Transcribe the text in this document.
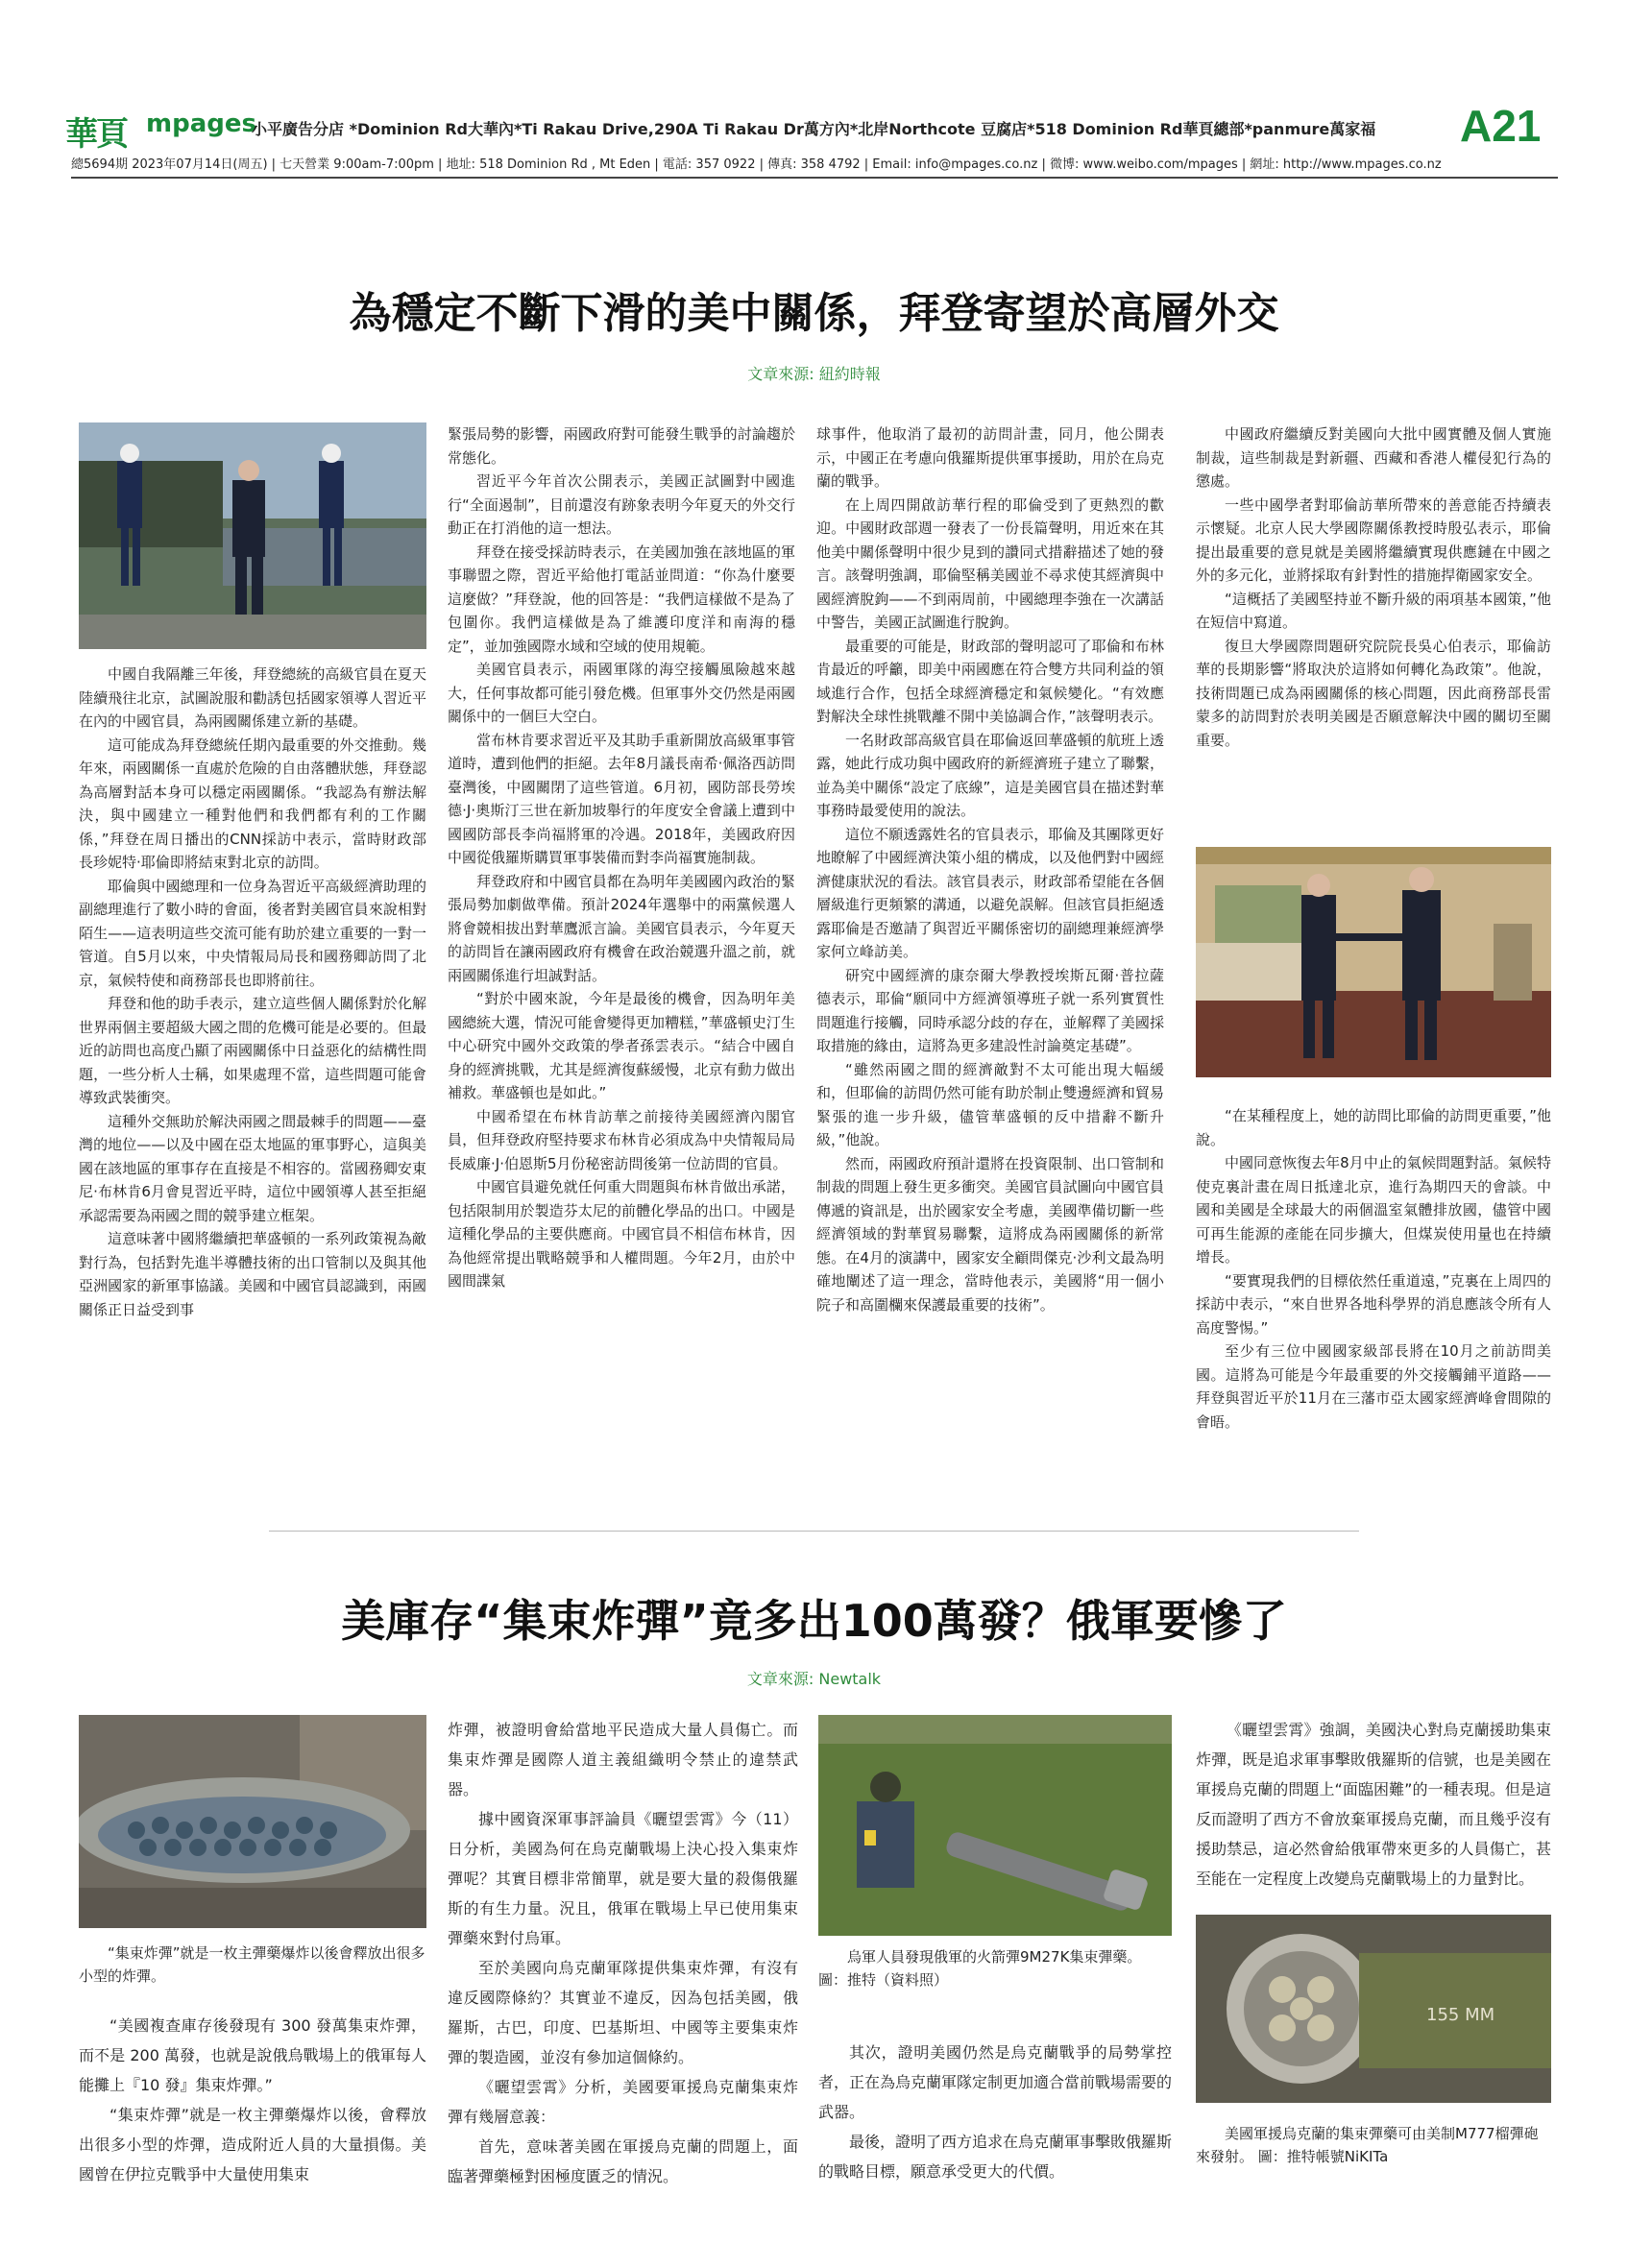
華頁 mpages
小平廣告分店 *Dominion Rd大華內*Ti Rakau Drive,290A Ti Rakau Dr萬方內*北岸Northcote 豆腐店*518 Dominion Rd華頁總部*panmure萬家福 A21
總5694期 2023年07月14日(周五) | 七天營業 9:00am-7:00pm | 地址: 518 Dominion Rd , Mt Eden | 電話: 357 0922 | 傳真: 358 4792 | Email: info@mpages.co.nz | 微博: www.weibo.com/mpages | 網址: http://www.mpages.co.nz
為穩定不斷下滑的美中關係，拜登寄望於高層外交
文章來源: 紐約時報

中國自我隔離三年後，拜登總統的高級官員在夏天陸續飛往北京，試圖說服和勸誘包括國家領導人習近平在內的中國官員，為兩國關係建立新的基礎。

這可能成為拜登總統任期內最重要的外交推動。幾年來，兩國關係一直處於危險的自由落體狀態，拜登認為高層對話本身可以穩定兩國關係。“我認為有辦法解決，與中國建立一種對他們和我們都有利的工作關係，”拜登在周日播出的CNN採訪中表示，當時財政部長珍妮特·耶倫即將結束對北京的訪問。

耶倫與中國總理和一位身為習近平高級經濟助理的副總理進行了數小時的會面，後者對美國官員來說相對陌生——這表明這些交流可能有助於建立重要的一對一管道。自5月以來，中央情報局局長和國務卿訪問了北京，氣候特使和商務部長也即將前往。

拜登和他的助手表示，建立這些個人關係對於化解世界兩個主要超級大國之間的危機可能是必要的。但最近的訪問也高度凸顯了兩國關係中日益惡化的結構性問題，一些分析人士稱，如果處理不當，這些問題可能會導致武裝衝突。

這種外交無助於解決兩國之間最棘手的問題——臺灣的地位——以及中國在亞太地區的軍事野心，這與美國在該地區的軍事存在直接是不相容的。當國務卿安東尼·布林肯6月會見習近平時，這位中國領導人甚至拒絕承認需要為兩國之間的競爭建立框架。

這意味著中國將繼續把華盛頓的一系列政策視為敵對行為，包括對先進半導體技術的出口管制以及與其他亞洲國家的新軍事協議。美國和中國官員認識到，兩國關係正日益受到事

緊張局勢的影響，兩國政府對可能發生戰爭的討論趨於常態化。

習近平今年首次公開表示，美國正試圖對中國進行“全面遏制”，目前還沒有跡象表明今年夏天的外交行動正在打消他的這一想法。

拜登在接受採訪時表示，在美國加強在該地區的軍事聯盟之際，習近平給他打電話並問道：“你為什麼要這麼做？”拜登說，他的回答是：“我們這樣做不是為了包圍你。我們這樣做是為了維護印度洋和南海的穩定”，並加強國際水域和空域的使用規範。

美國官員表示，兩國軍隊的海空接觸風險越來越大，任何事故都可能引發危機。但軍事外交仍然是兩國關係中的一個巨大空白。

當布林肯要求習近平及其助手重新開放高級軍事管道時，遭到他們的拒絕。去年8月議長南希·佩洛西訪問臺灣後，中國關閉了這些管道。6月初，國防部長勞埃德·J·奧斯汀三世在新加坡舉行的年度安全會議上遭到中國國防部長李尚福將軍的冷遇。2018年，美國政府因中國從俄羅斯購買軍事裝備而對李尚福實施制裁。

拜登政府和中國官員都在為明年美國國內政治的緊張局勢加劇做準備。預計2024年選舉中的兩黨候選人將會競相拔出對華鷹派言論。美國官員表示，今年夏天的訪問旨在讓兩國政府有機會在政治競選升溫之前，就兩國關係進行坦誠對話。

“對於中國來說，今年是最後的機會，因為明年美國總統大選，情況可能會變得更加糟糕，”華盛頓史汀生中心研究中國外交政策的學者孫雲表示。“結合中國自身的經濟挑戰，尤其是經濟復蘇緩慢，北京有動力做出補救。華盛頓也是如此。”

中國希望在布林肯訪華之前接待美國經濟內閣官員，但拜登政府堅持要求布林肯必須成為中央情報局局長威廉·J·伯恩斯5月份秘密訪問後第一位訪問的官員。

中國官員避免就任何重大問題與布林肯做出承諾，包括限制用於製造芬太尼的前體化學品的出口。中國是這種化學品的主要供應商。中國官員不相信布林肯，因為他經常提出戰略競爭和人權問題。今年2月，由於中國間諜氣

球事件，他取消了最初的訪問計畫，同月，他公開表示，中國正在考慮向俄羅斯提供軍事援助，用於在烏克蘭的戰爭。

在上周四開啟訪華行程的耶倫受到了更熱烈的歡迎。中國財政部週一發表了一份長篇聲明，用近來在其他美中關係聲明中很少見到的讚同式措辭描述了她的發言。該聲明強調，耶倫堅稱美國並不尋求使其經濟與中國經濟脫鉤——不到兩周前，中國總理李強在一次講話中警告，美國正試圖進行脫鉤。

最重要的可能是，財政部的聲明認可了耶倫和布林肯最近的呼籲，即美中兩國應在符合雙方共同利益的領域進行合作，包括全球經濟穩定和氣候變化。“有效應對解決全球性挑戰離不開中美協調合作，”該聲明表示。

一名財政部高級官員在耶倫返回華盛頓的航班上透露，她此行成功與中國政府的新經濟班子建立了聯繫，並為美中關係“設定了底線”，這是美國官員在描述對華事務時最愛使用的說法。

這位不願透露姓名的官員表示，耶倫及其團隊更好地瞭解了中國經濟決策小組的構成，以及他們對中國經濟健康狀況的看法。該官員表示，財政部希望能在各個層級進行更頻繁的溝通，以避免誤解。但該官員拒絕透露耶倫是否邀請了與習近平關係密切的副總理兼經濟學家何立峰訪美。

研究中國經濟的康奈爾大學教授埃斯瓦爾·普拉薩德表示，耶倫“願同中方經濟領導班子就一系列實質性問題進行接觸，同時承認分歧的存在，並解釋了美國採取措施的緣由，這將為更多建設性討論奠定基礎”。

“雖然兩國之間的經濟敵對不太可能出現大幅緩和，但耶倫的訪問仍然可能有助於制止雙邊經濟和貿易緊張的進一步升級，儘管華盛頓的反中措辭不斷升級，”他說。

然而，兩國政府預計還將在投資限制、出口管制和制裁的問題上發生更多衝突。美國官員試圖向中國官員傳遞的資訊是，出於國家安全考慮，美國準備切斷一些經濟領域的對華貿易聯繫，這將成為兩國關係的新常態。在4月的演講中，國家安全顧問傑克·沙利文最為明確地闡述了這一理念，當時他表示，美國將“用一個小院子和高圍欄來保護最重要的技術”。

中國政府繼續反對美國向大批中國實體及個人實施制裁，這些制裁是對新疆、西藏和香港人權侵犯行為的懲處。

一些中國學者對耶倫訪華所帶來的善意能否持續表示懷疑。北京人民大學國際關係教授時殷弘表示，耶倫提出最重要的意見就是美國將繼續實現供應鏈在中國之外的多元化，並將採取有針對性的措施捍衛國家安全。

“這概括了美國堅持並不斷升級的兩項基本國策，”他在短信中寫道。

復旦大學國際問題研究院院長吳心伯表示，耶倫訪華的長期影響“將取決於這將如何轉化為政策”。他說，技術問題已成為兩國關係的核心問題，因此商務部長雷蒙多的訪問對於表明美國是否願意解決中國的關切至關重要。

“在某種程度上，她的訪問比耶倫的訪問更重要，”他說。

中國同意恢復去年8月中止的氣候問題對話。氣候特使克裏計畫在周日抵達北京，進行為期四天的會談。中國和美國是全球最大的兩個溫室氣體排放國，儘管中國可再生能源的產能在同步擴大，但煤炭使用量也在持續增長。

“要實現我們的目標依然任重道遠，”克裏在上周四的採訪中表示，“來自世界各地科學界的消息應該令所有人高度警惕。”

至少有三位中國國家級部長將在10月之前訪問美國。這將為可能是今年最重要的外交接觸鋪平道路——拜登與習近平於11月在三藩市亞太國家經濟峰會間隙的會晤。

美庫存“集束炸彈”竟多出100萬發？俄軍要慘了
文章來源: Newtalk
“集束炸彈”就是一枚主彈藥爆炸以後會釋放出很多小型的炸彈。

“美國複查庫存後發現有 300 發萬集束炸彈，而不是 200 萬發，也就是說俄烏戰場上的俄軍每人能攤上『10 發』集束炸彈。”

“集束炸彈”就是一枚主彈藥爆炸以後，會釋放出很多小型的炸彈，造成附近人員的大量損傷。美國曾在伊拉克戰爭中大量使用集束

炸彈，被證明會給當地平民造成大量人員傷亡。而集束炸彈是國際人道主義組織明令禁止的違禁武器。

據中國資深軍事評論員《曬望雲霄》今（11）日分析，美國為何在烏克蘭戰場上決心投入集束炸彈呢？其實目標非常簡單，就是要大量的殺傷俄羅斯的有生力量。況且，俄軍在戰場上早已使用集束彈藥來對付烏軍。

至於美國向烏克蘭軍隊提供集束炸彈，有沒有違反國際條約？其實並不違反，因為包括美國，俄羅斯，古巴，印度、巴基斯坦、中國等主要集束炸彈的製造國，並沒有參加這個條約。

《曬望雲霄》分析，美國要軍援烏克蘭集束炸彈有幾層意義：

首先，意味著美國在軍援烏克蘭的問題上，面臨著彈藥極對困極度匱乏的情況。

烏軍人員發現俄軍的火箭彈9M27K集束彈藥。 圖：推特（資料照）

其次，證明美國仍然是烏克蘭戰爭的局勢掌控者，正在為烏克蘭軍隊定制更加適合當前戰場需要的武器。

最後，證明了西方追求在烏克蘭軍事擊敗俄羅斯的戰略目標，願意承受更大的代價。

《曬望雲霄》強調，美國決心對烏克蘭援助集束炸彈，既是追求軍事擊敗俄羅斯的信號，也是美國在軍援烏克蘭的問題上“面臨困難”的一種表現。但是這反而證明了西方不會放棄軍援烏克蘭，而且幾乎沒有援助禁忌，這必然會給俄軍帶來更多的人員傷亡，甚至能在一定程度上改變烏克蘭戰場上的力量對比。

155 MM
美國軍援烏克蘭的集束彈藥可由美制M777榴彈砲來發射。 圖：推特帳號NiKITa
